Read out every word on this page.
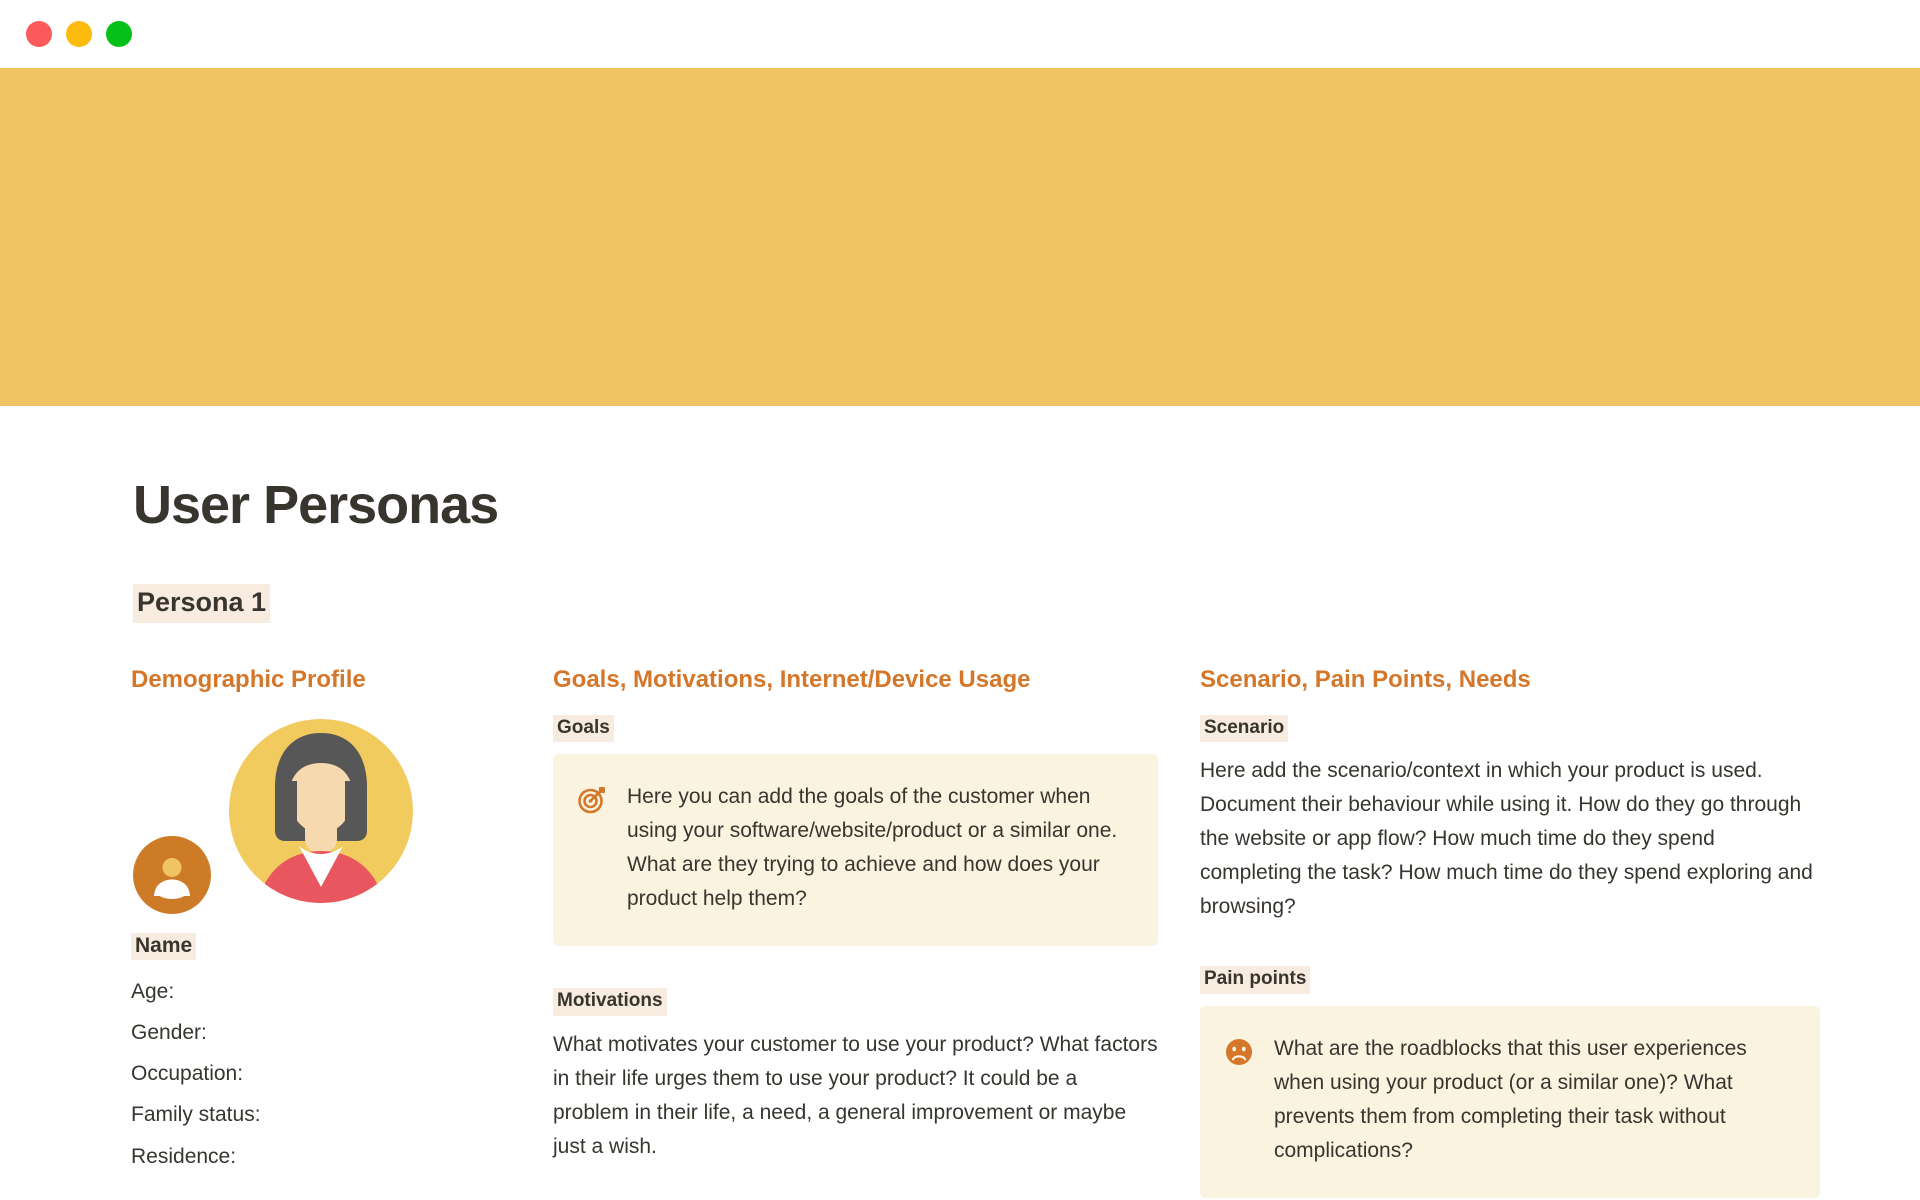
User Personas
Persona 1
Demographic Profile
Name
Age:
Gender:
Occupation:
Family status:
Residence:
Goals, Motivations, Internet/Device Usage
Goals
Here you can add the goals of the customer when using your software/website/product or a similar one. What are they trying to achieve and how does your product help them?
Motivations
What motivates your customer to use your product? What factors in their life urges them to use your product? It could be a problem in their life, a need, a general improvement or maybe just a wish.
Scenario, Pain Points, Needs
Scenario
Here add the scenario/context in which your product is used. Document their behaviour while using it. How do they go through the website or app flow? How much time do they spend completing the task? How much time do they spend exploring and browsing?
Pain points
What are the roadblocks that this user experiences when using your product (or a similar one)? What prevents them from completing their task without complications?
